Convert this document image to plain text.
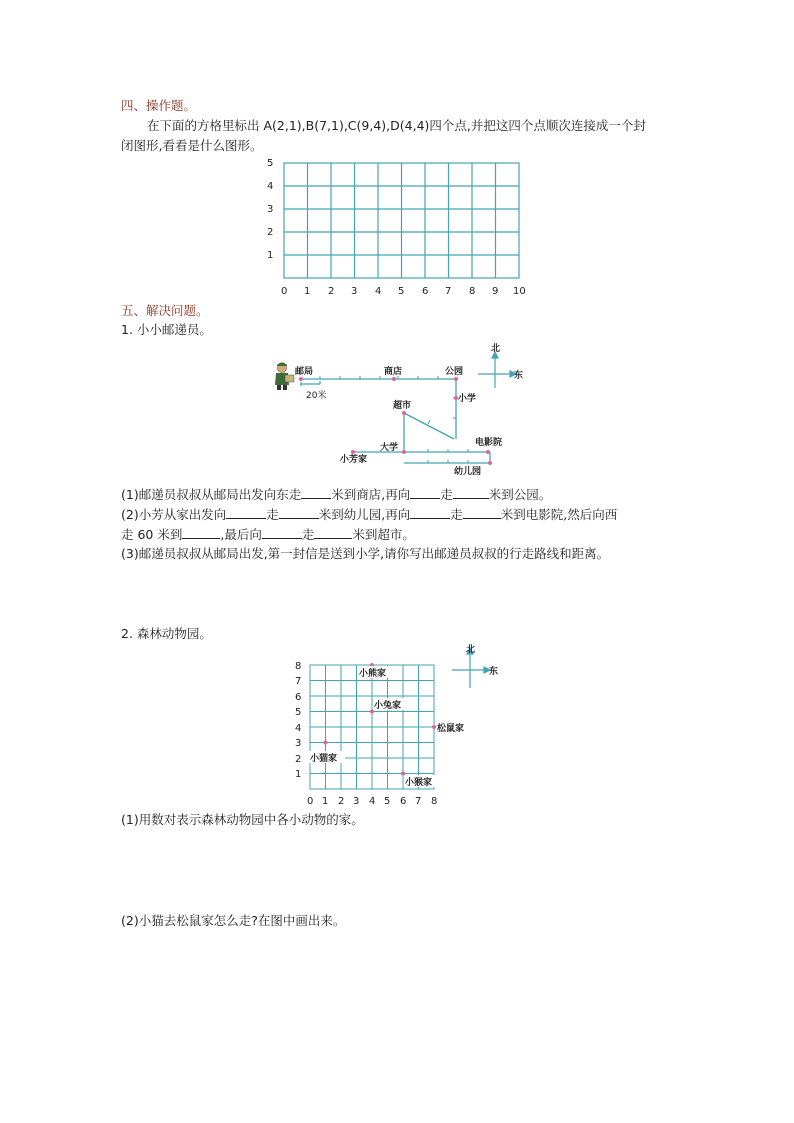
四、操作题。
在下面的方格里标出 A(2,1),B(7,1),C(9,4),D(4,4)四个点,并把这四个点顺次连接成一个封
闭图形,看看是什么图形。
5
4
3
2
1
0 1 2 3 4 5 6 7 8 9 10
五、解决问题。
1. 小小邮递员。
北
东
邮局	商店	公园
20米	小学
超市
大学	电影院
小芳家
幼儿园
(1)邮递员叔叔从邮局出发向东走 米到商店,再向 走	米到公园。
(2)小芳从家出发向	走	米到幼儿园,再向	走	米到电影院,然后向西
走 60 米到	,最后向	走	米到超市。
(3)邮递员叔叔从邮局出发,第一封信是送到小学,请你写出邮递员叔叔的行走路线和距离。
2. 森林动物园。
北
东
8
7
6
5
4
3
2
1
0 1 2 3 4 5 6 7 8
小熊家
小兔家
松鼠家
小猫家
小猴家
(1)用数对表示森林动物园中各小动物的家。
(2)小猫去松鼠家怎么走?在图中画出来。
